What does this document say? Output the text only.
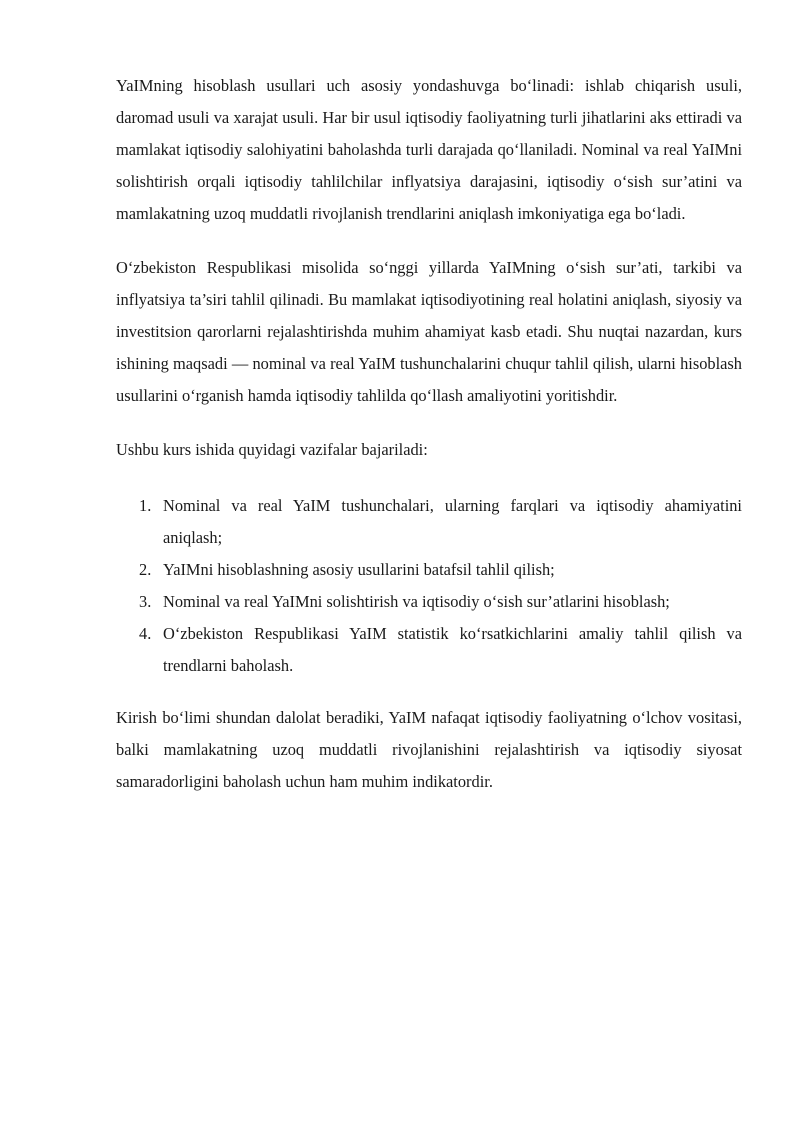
YaIMning hisoblash usullari uch asosiy yondashuvga bo‘linadi: ishlab chiqarish usuli, daromad usuli va xarajat usuli. Har bir usul iqtisodiy faoliyatning turli jihatlarini aks ettiradi va mamlakat iqtisodiy salohiyatini baholashda turli darajada qo‘llaniladi. Nominal va real YaIMni solishtirish orqali iqtisodiy tahlilchilar inflyatsiya darajasini, iqtisodiy o‘sish sur’atini va mamlakatning uzoq muddatli rivojlanish trendlarini aniqlash imkoniyatiga ega bo‘ladi.

O‘zbekiston Respublikasi misolida so‘nggi yillarda YaIMning o‘sish sur’ati, tarkibi va inflyatsiya ta’siri tahlil qilinadi. Bu mamlakat iqtisodiyotining real holatini aniqlash, siyosiy va investitsion qarorlarni rejalashtirishda muhim ahamiyat kasb etadi. Shu nuqtai nazardan, kurs ishining maqsadi — nominal va real YaIM tushunchalarini chuqur tahlil qilish, ularni hisoblash usullarini o‘rganish hamda iqtisodiy tahlilda qo‘llash amaliyotini yoritishdir.

Ushbu kurs ishida quyidagi vazifalar bajariladi:

1. Nominal va real YaIM tushunchalari, ularning farqlari va iqtisodiy ahamiyatini aniqlash;
2. YaIMni hisoblashning asosiy usullarini batafsil tahlil qilish;
3. Nominal va real YaIMni solishtirish va iqtisodiy o‘sish sur’atlarini hisoblash;
4. O‘zbekiston Respublikasi YaIM statistik ko‘rsatkichlarini amaliy tahlil qilish va trendlarni baholash.

Kirish bo‘limi shundan dalolat beradiki, YaIM nafaqat iqtisodiy faoliyatning o‘lchov vositasi, balki mamlakatning uzoq muddatli rivojlanishini rejalashtirish va iqtisodiy siyosat samaradorligini baholash uchun ham muhim indikatordir.
